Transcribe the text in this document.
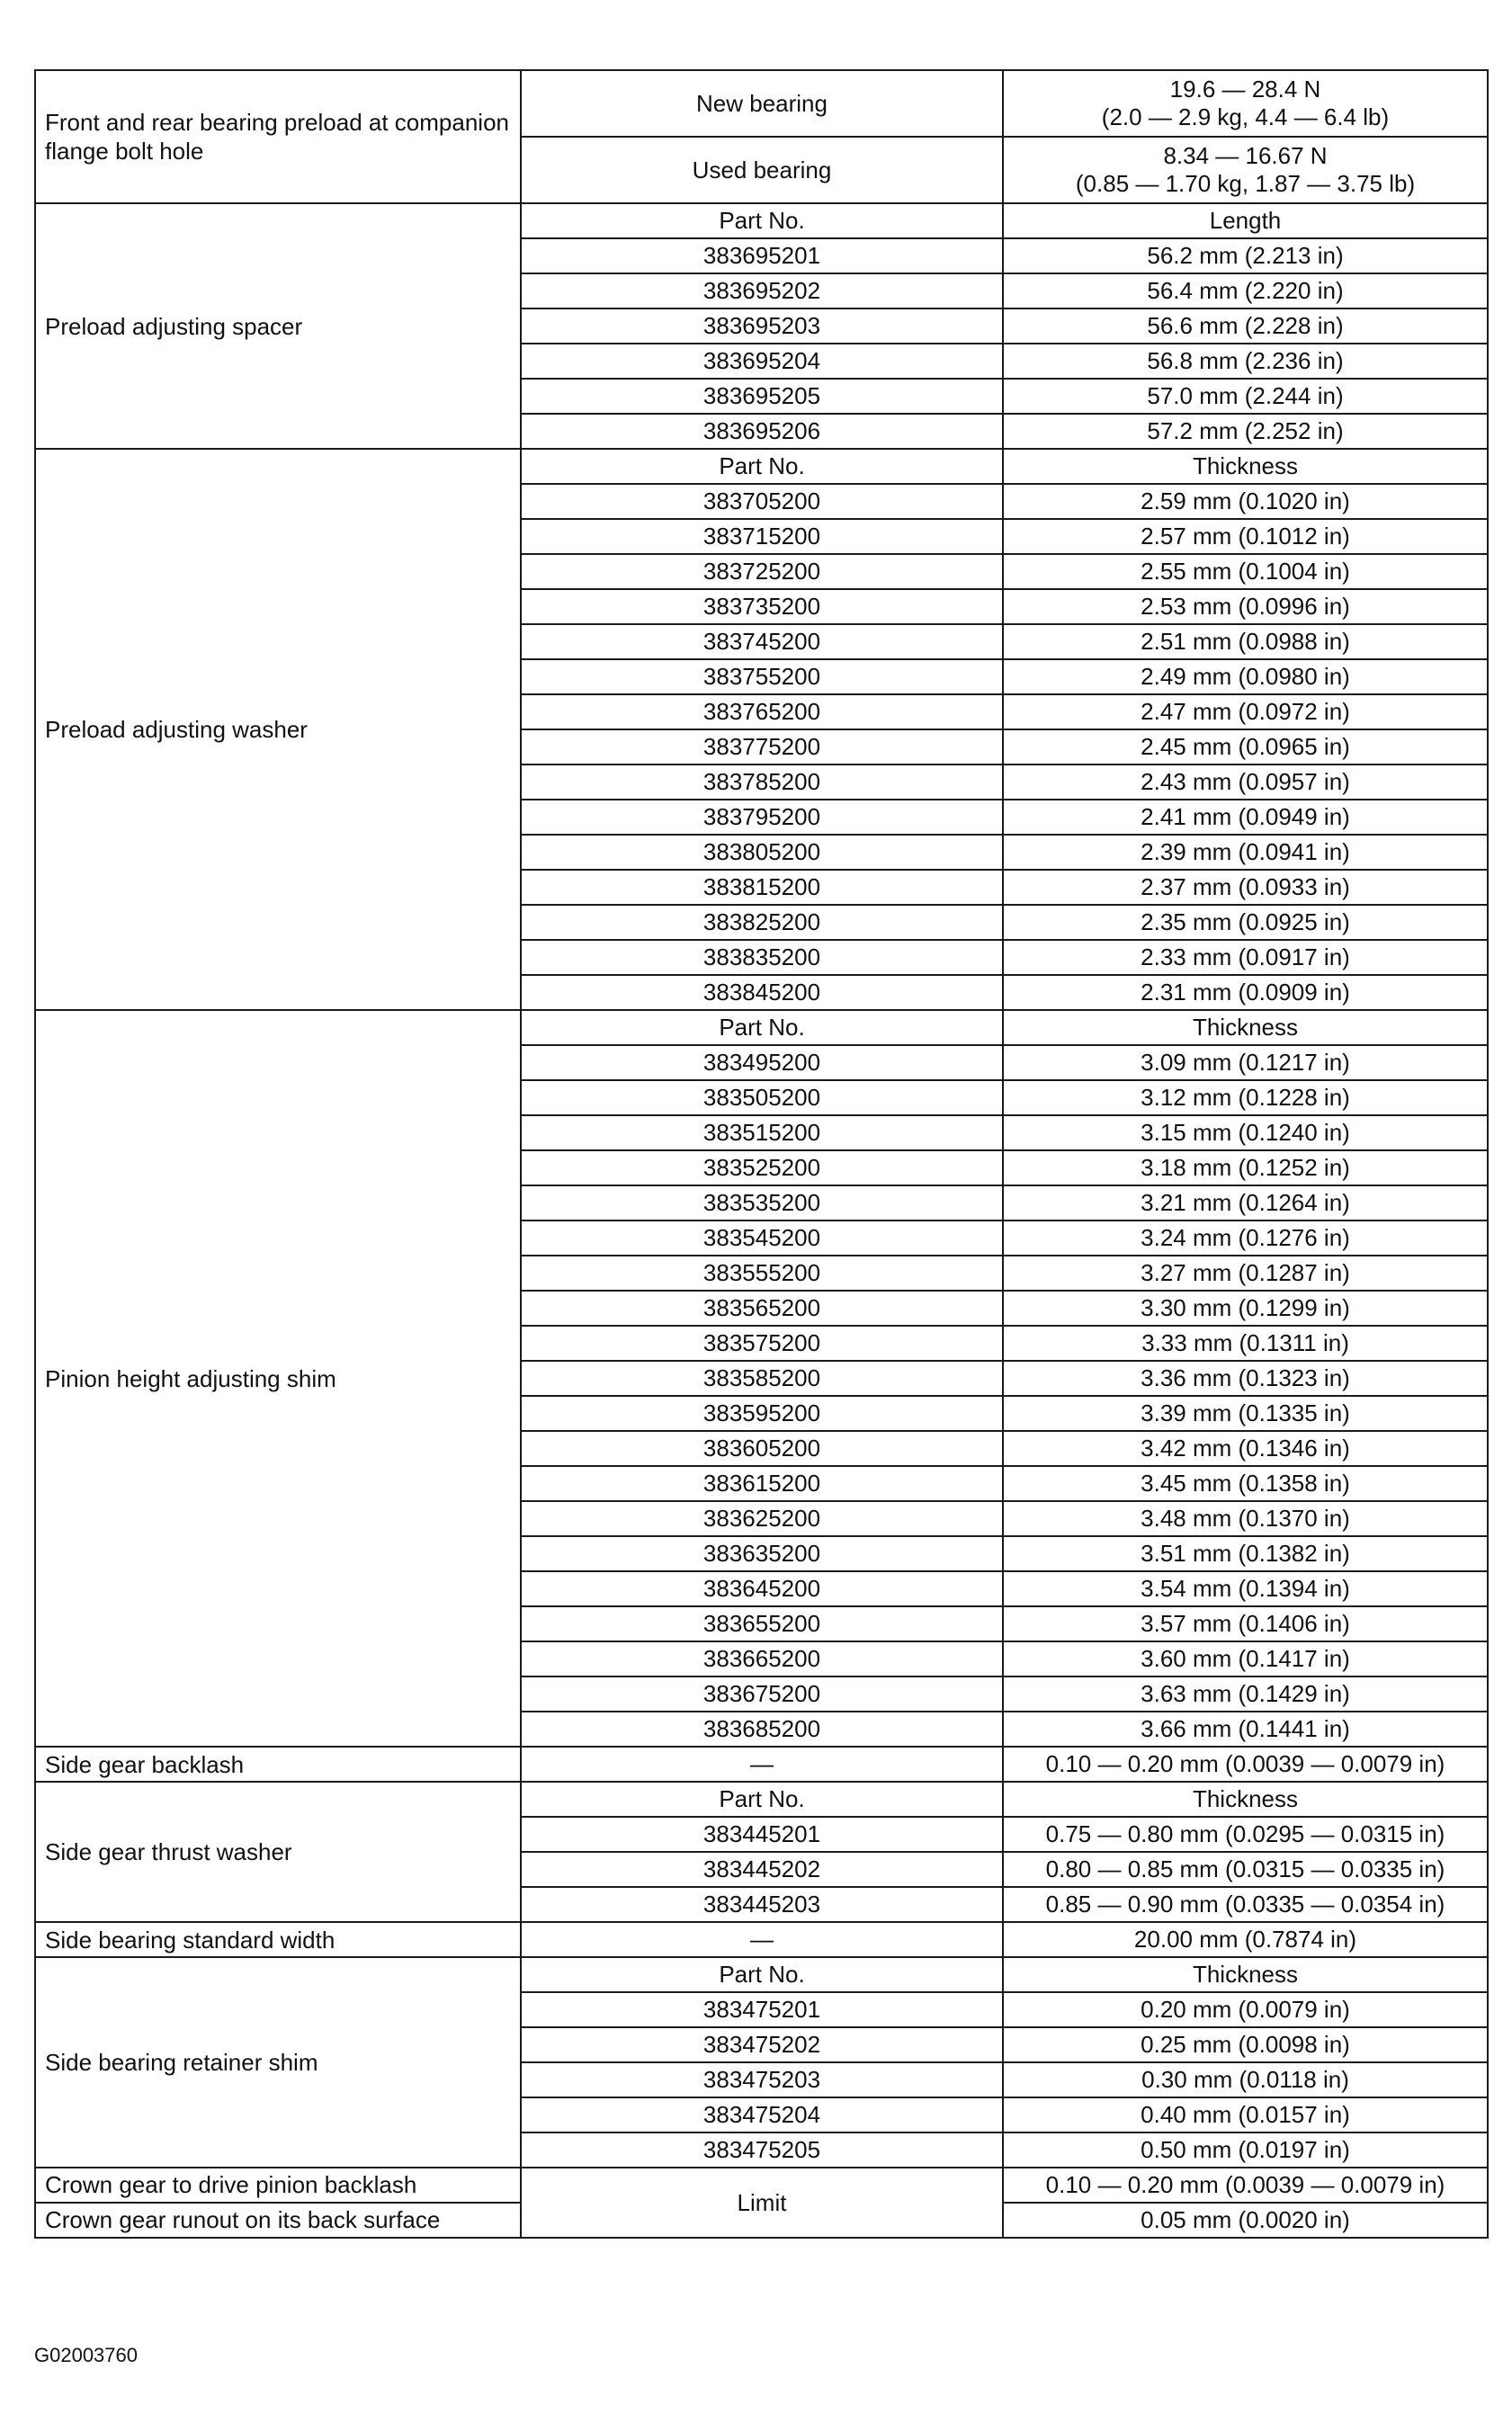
Front and rear bearing preload at companion flange bolt hole	New bearing	19.6 — 28.4 N
(2.0 — 2.9 kg, 4.4 — 6.4 lb)

	Used bearing	8.34 — 16.67 N
(0.85 — 1.70 kg, 1.87 — 3.75 lb)

Preload adjusting spacer	Part No.	Length
	383695201	56.2 mm (2.213 in)
	383695202	56.4 mm (2.220 in)
	383695203	56.6 mm (2.228 in)
	383695204	56.8 mm (2.236 in)
	383695205	57.0 mm (2.244 in)
	383695206	57.2 mm (2.252 in)
Preload adjusting washer	Part No.	Thickness
	383705200	2.59 mm (0.1020 in)
	383715200	2.57 mm (0.1012 in)
	383725200	2.55 mm (0.1004 in)
	383735200	2.53 mm (0.0996 in)
	383745200	2.51 mm (0.0988 in)
	383755200	2.49 mm (0.0980 in)
	383765200	2.47 mm (0.0972 in)
	383775200	2.45 mm (0.0965 in)
	383785200	2.43 mm (0.0957 in)
	383795200	2.41 mm (0.0949 in)
	383805200	2.39 mm (0.0941 in)
	383815200	2.37 mm (0.0933 in)
	383825200	2.35 mm (0.0925 in)
	383835200	2.33 mm (0.0917 in)
	383845200	2.31 mm (0.0909 in)
Pinion height adjusting shim	Part No.	Thickness
	383495200	3.09 mm (0.1217 in)
	383505200	3.12 mm (0.1228 in)
	383515200	3.15 mm (0.1240 in)
	383525200	3.18 mm (0.1252 in)
	383535200	3.21 mm (0.1264 in)
	383545200	3.24 mm (0.1276 in)
	383555200	3.27 mm (0.1287 in)
	383565200	3.30 mm (0.1299 in)
	383575200	3.33 mm (0.1311 in)
	383585200	3.36 mm (0.1323 in)
	383595200	3.39 mm (0.1335 in)
	383605200	3.42 mm (0.1346 in)
	383615200	3.45 mm (0.1358 in)
	383625200	3.48 mm (0.1370 in)
	383635200	3.51 mm (0.1382 in)
	383645200	3.54 mm (0.1394 in)
	383655200	3.57 mm (0.1406 in)
	383665200	3.60 mm (0.1417 in)
	383675200	3.63 mm (0.1429 in)
	383685200	3.66 mm (0.1441 in)
Side gear backlash	—	0.10 — 0.20 mm (0.0039 — 0.0079 in)
Side gear thrust washer	Part No.	Thickness
	383445201	0.75 — 0.80 mm (0.0295 — 0.0315 in)
	383445202	0.80 — 0.85 mm (0.0315 — 0.0335 in)
	383445203	0.85 — 0.90 mm (0.0335 — 0.0354 in)
Side bearing standard width	—	20.00 mm (0.7874 in)
Side bearing retainer shim	Part No.	Thickness
	383475201	0.20 mm (0.0079 in)
	383475202	0.25 mm (0.0098 in)
	383475203	0.30 mm (0.0118 in)
	383475204	0.40 mm (0.0157 in)
	383475205	0.50 mm (0.0197 in)
Crown gear to drive pinion backlash	Limit	0.10 — 0.20 mm (0.0039 — 0.0079 in)
Crown gear runout on its back surface		0.05 mm (0.0020 in)
G02003760
